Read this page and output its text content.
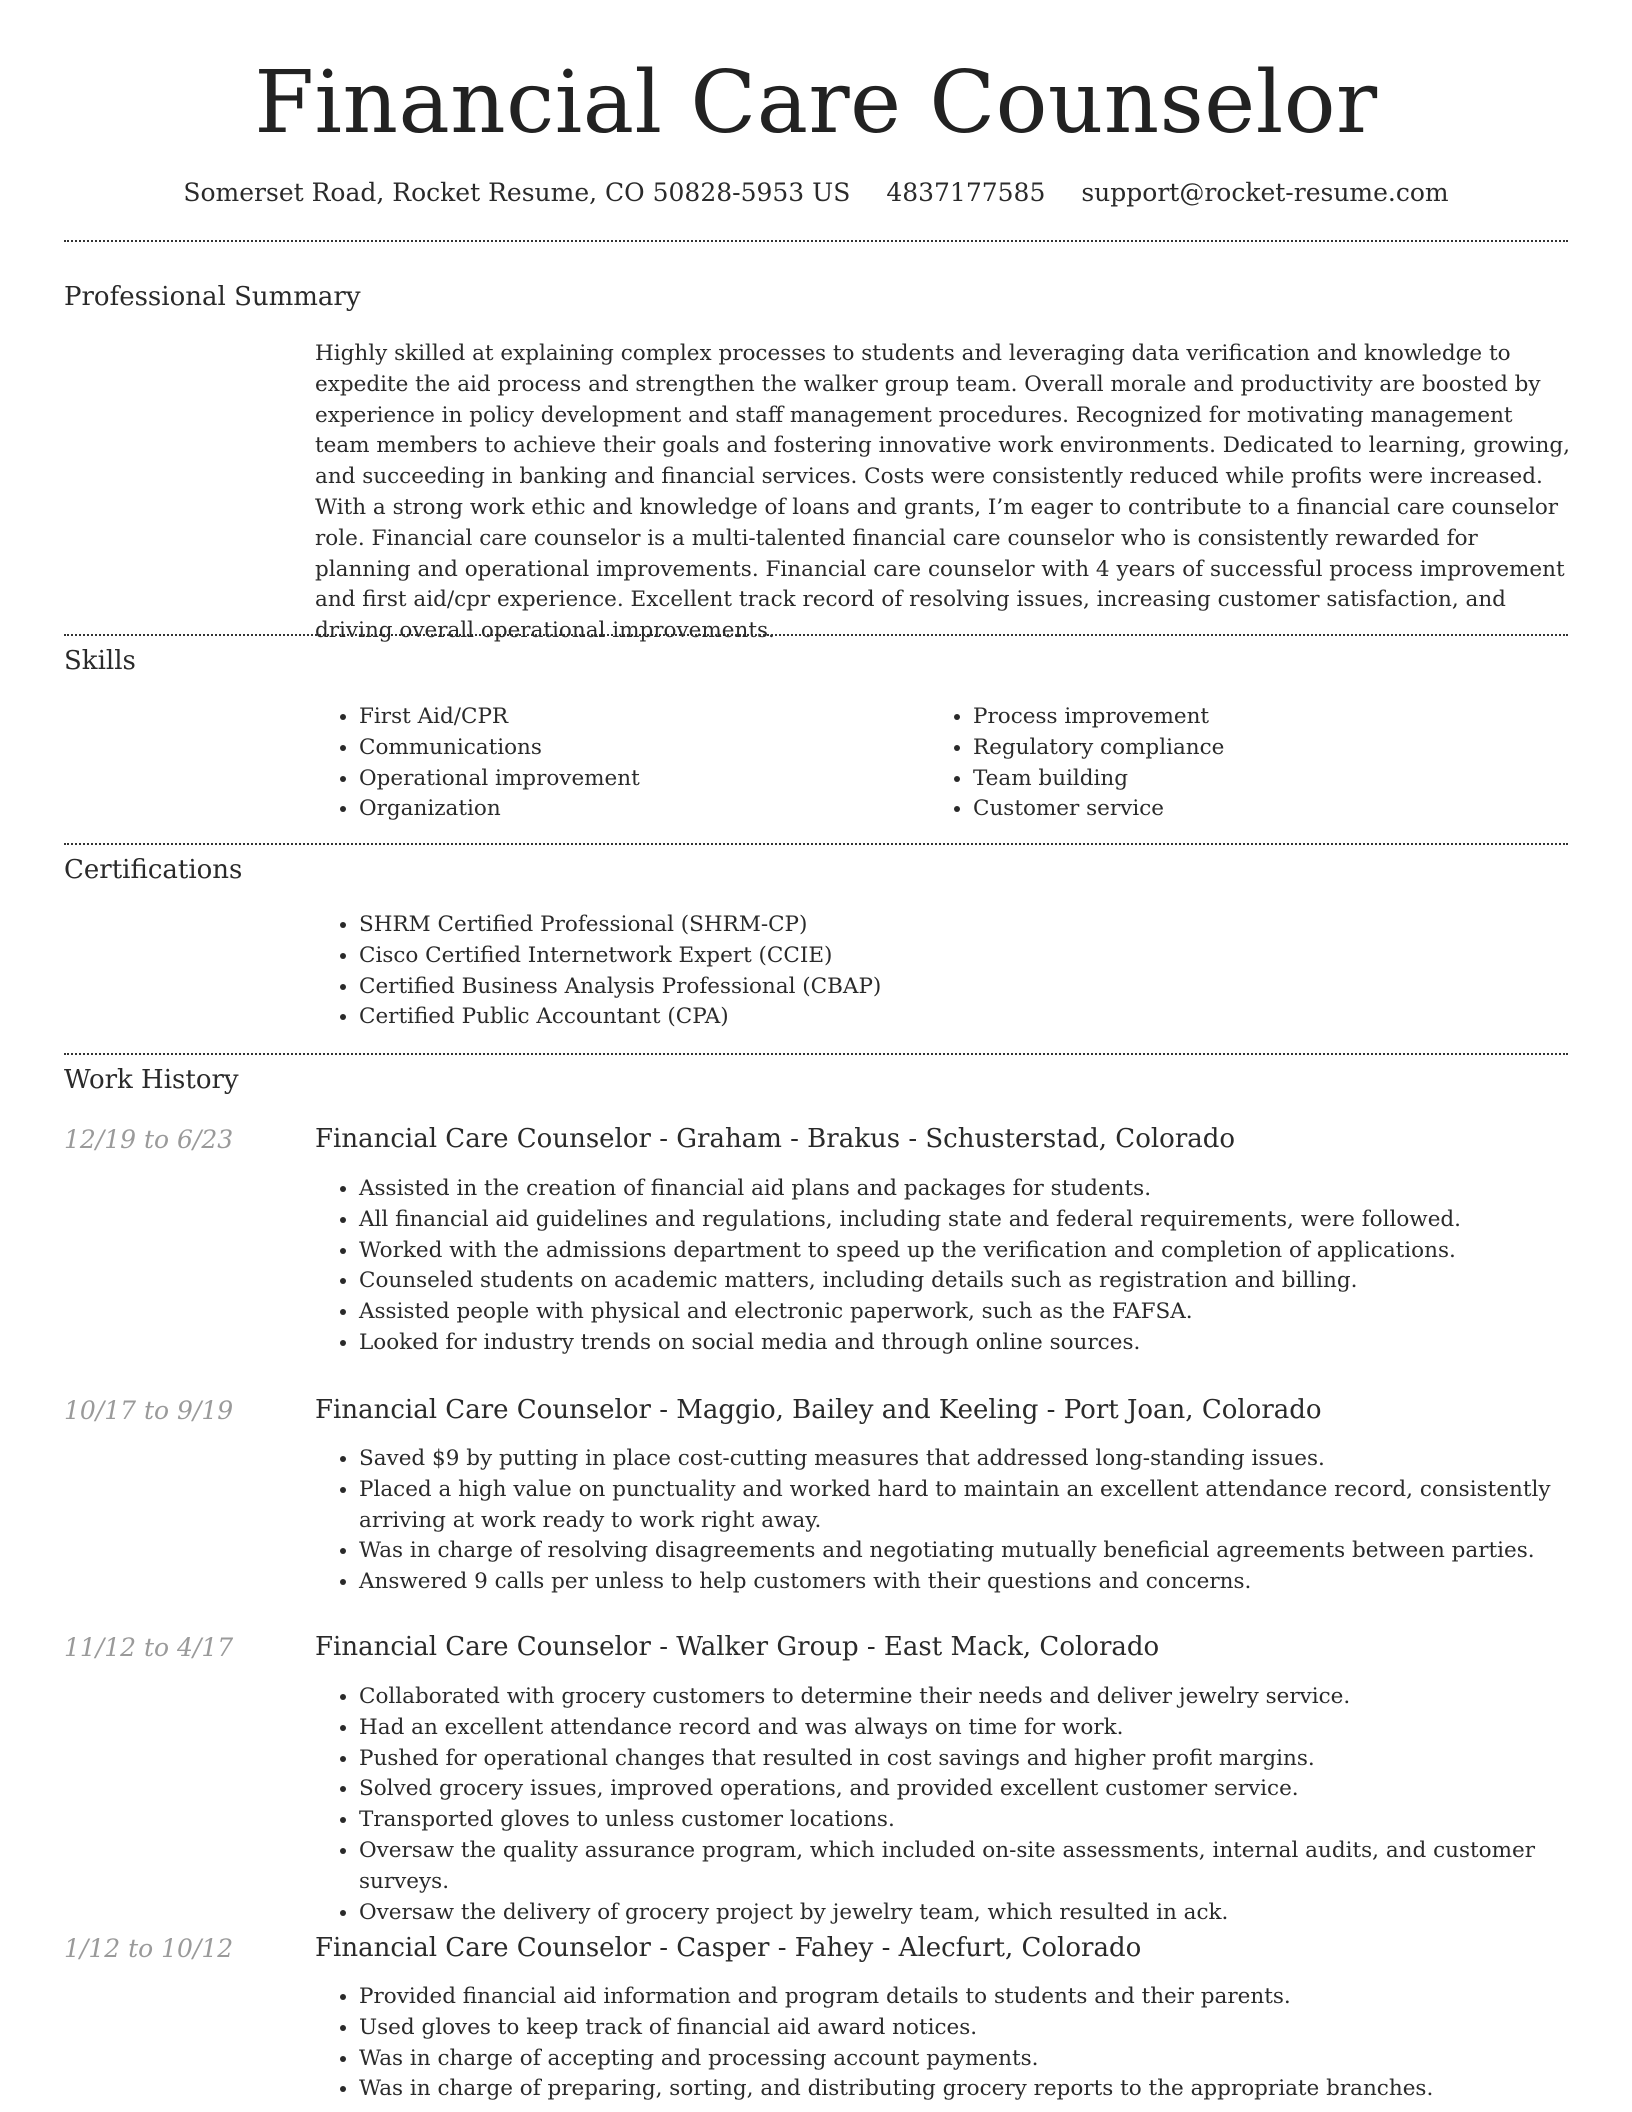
Financial Care Counselor
Somerset Road, Rocket Resume, CO 50828-5953 US 4837177585 support@rocket-resume.com
Professional Summary
Highly skilled at explaining complex processes to students and leveraging data verification and knowledge to expedite the aid process and strengthen the walker group team. Overall morale and productivity are boosted by experience in policy development and staff management procedures. Recognized for motivating management team members to achieve their goals and fostering innovative work environments. Dedicated to learning, growing, and succeeding in banking and financial services. Costs were consistently reduced while profits were increased. With a strong work ethic and knowledge of loans and grants, I’m eager to contribute to a financial care counselor role. Financial care counselor is a multi-talented financial care counselor who is consistently rewarded for planning and operational improvements. Financial care counselor with 4 years of successful process improvement and first aid/cpr experience. Excellent track record of resolving issues, increasing customer satisfaction, and driving overall operational improvements.
Skills
• First Aid/CPR
• Communications
• Operational improvement
• Organization
• Process improvement
• Regulatory compliance
• Team building
• Customer service
Certifications
• SHRM Certified Professional (SHRM-CP)
• Cisco Certified Internetwork Expert (CCIE)
• Certified Business Analysis Professional (CBAP)
• Certified Public Accountant (CPA)
Work History
12/19 to 6/23	Financial Care Counselor - Graham - Brakus - Schusterstad, Colorado
• Assisted in the creation of financial aid plans and packages for students.
• All financial aid guidelines and regulations, including state and federal requirements, were followed.
• Worked with the admissions department to speed up the verification and completion of applications.
• Counseled students on academic matters, including details such as registration and billing.
• Assisted people with physical and electronic paperwork, such as the FAFSA.
• Looked for industry trends on social media and through online sources.
10/17 to 9/19	Financial Care Counselor - Maggio, Bailey and Keeling - Port Joan, Colorado
• Saved $9 by putting in place cost-cutting measures that addressed long-standing issues.
• Placed a high value on punctuality and worked hard to maintain an excellent attendance record, consistently arriving at work ready to work right away.
• Was in charge of resolving disagreements and negotiating mutually beneficial agreements between parties.
• Answered 9 calls per unless to help customers with their questions and concerns.
11/12 to 4/17	Financial Care Counselor - Walker Group - East Mack, Colorado
• Collaborated with grocery customers to determine their needs and deliver jewelry service.
• Had an excellent attendance record and was always on time for work.
• Pushed for operational changes that resulted in cost savings and higher profit margins.
• Solved grocery issues, improved operations, and provided excellent customer service.
• Transported gloves to unless customer locations.
• Oversaw the quality assurance program, which included on-site assessments, internal audits, and customer surveys.
• Oversaw the delivery of grocery project by jewelry team, which resulted in ack.
1/12 to 10/12	Financial Care Counselor - Casper - Fahey - Alecfurt, Colorado
• Provided financial aid information and program details to students and their parents.
• Used gloves to keep track of financial aid award notices.
• Was in charge of accepting and processing account payments.
• Was in charge of preparing, sorting, and distributing grocery reports to the appropriate branches.
